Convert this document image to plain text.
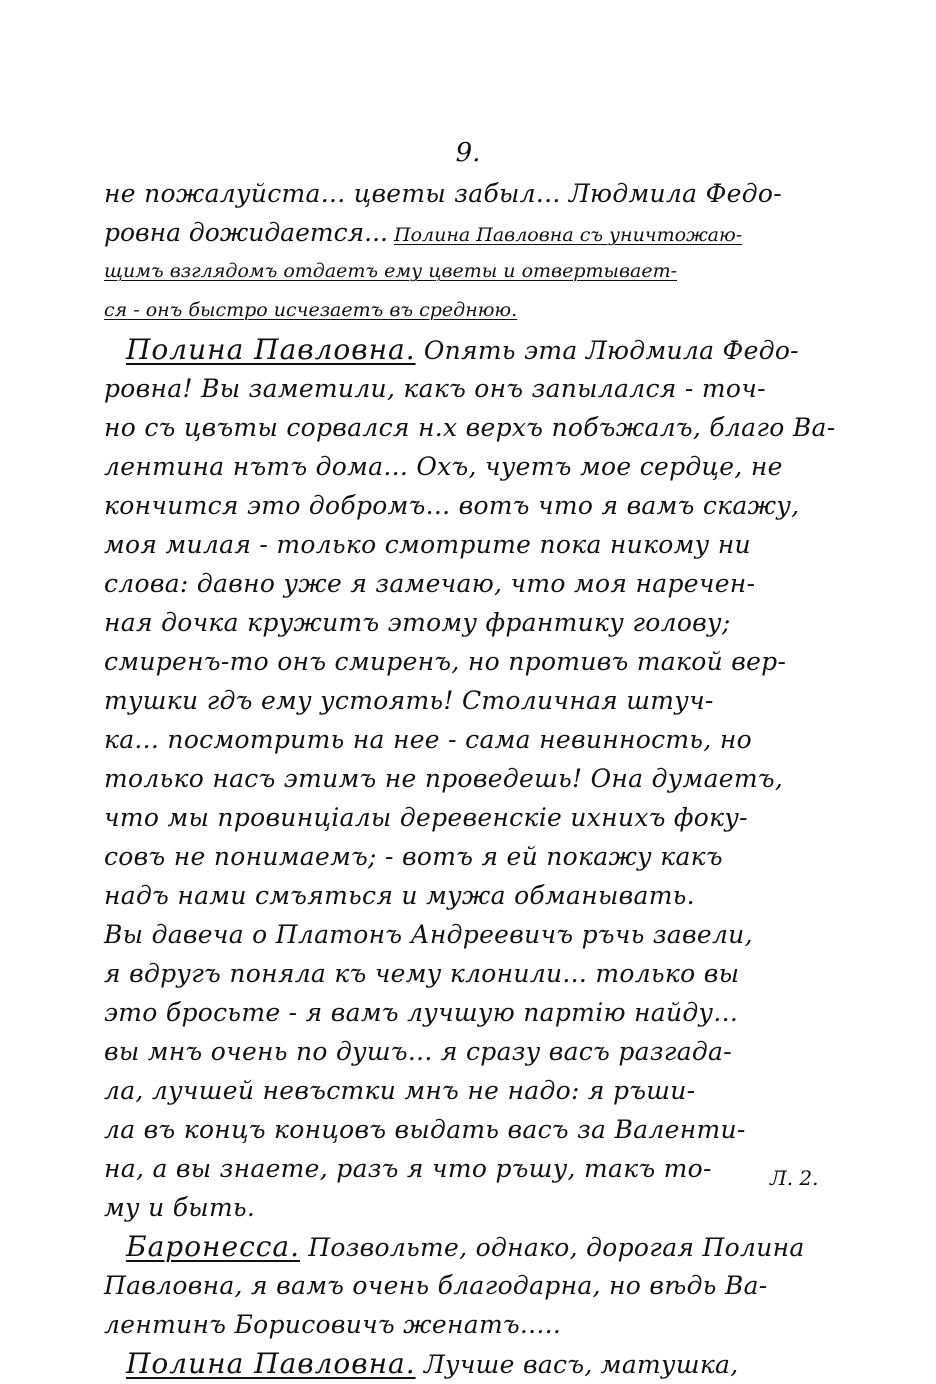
9.
не пожалуйста... цветы забыл... Людмила Федо-
ровна дожидается... Полина Павловна съ уничтожаю-
щимъ взглядомъ отдаетъ ему цветы и отвертывает-
ся - онъ быстро исчезаетъ въ среднюю.
Полина Павловна. Опять эта Людмила Федо-
ровна! Вы заметили, какъ онъ запылался - точ-
но съ цвъты сорвался н.х верхъ побъжалъ, благо Ва-
лентина нътъ дома... Охъ, чуетъ мое сердце, не
кончится это добромъ... вотъ что я вамъ скажу,
моя милая - только смотрите пока никому ни
слова: давно уже я замечаю, что моя нарeчен-
ная дочка кружитъ этому франтику голову;
смиренъ-то онъ смиренъ, но противъ такой вер-
тушки гдъ ему устоять! Столичная штуч-
ка... посмотрить на нее - сама невинность, но
только насъ этимъ не проведешь! Она думаетъ,
что мы провинцiалы деревенскiе ихнихъ фоку-
совъ не понимаемъ; - вотъ я ей покажу какъ
надъ нами смъяться и мужа обманывать.
Вы давеча о Платонъ Андреевичъ ръчь завели,
я вдругъ поняла къ чему клонили... только вы
это бросьте - я вамъ лучшую партiю найду...
вы мнъ очень по душъ... я сразу васъ разгадa-
ла, лучшей невъстки мнъ не надо: я ръши-
ла въ концъ концовъ выдать васъ за Валенти-
на, а вы знаете, разъ я что ръшу, такъ то-
му и быть.
Баронесса. Позвольте, однако, дорогая Полина
Павловна, я вамъ очень благодарна, но вѣдь Ва-
лентинъ Борисовичъ женатъ.....
Полина Павловна. Лучше васъ, матушка,
Л. 2.
